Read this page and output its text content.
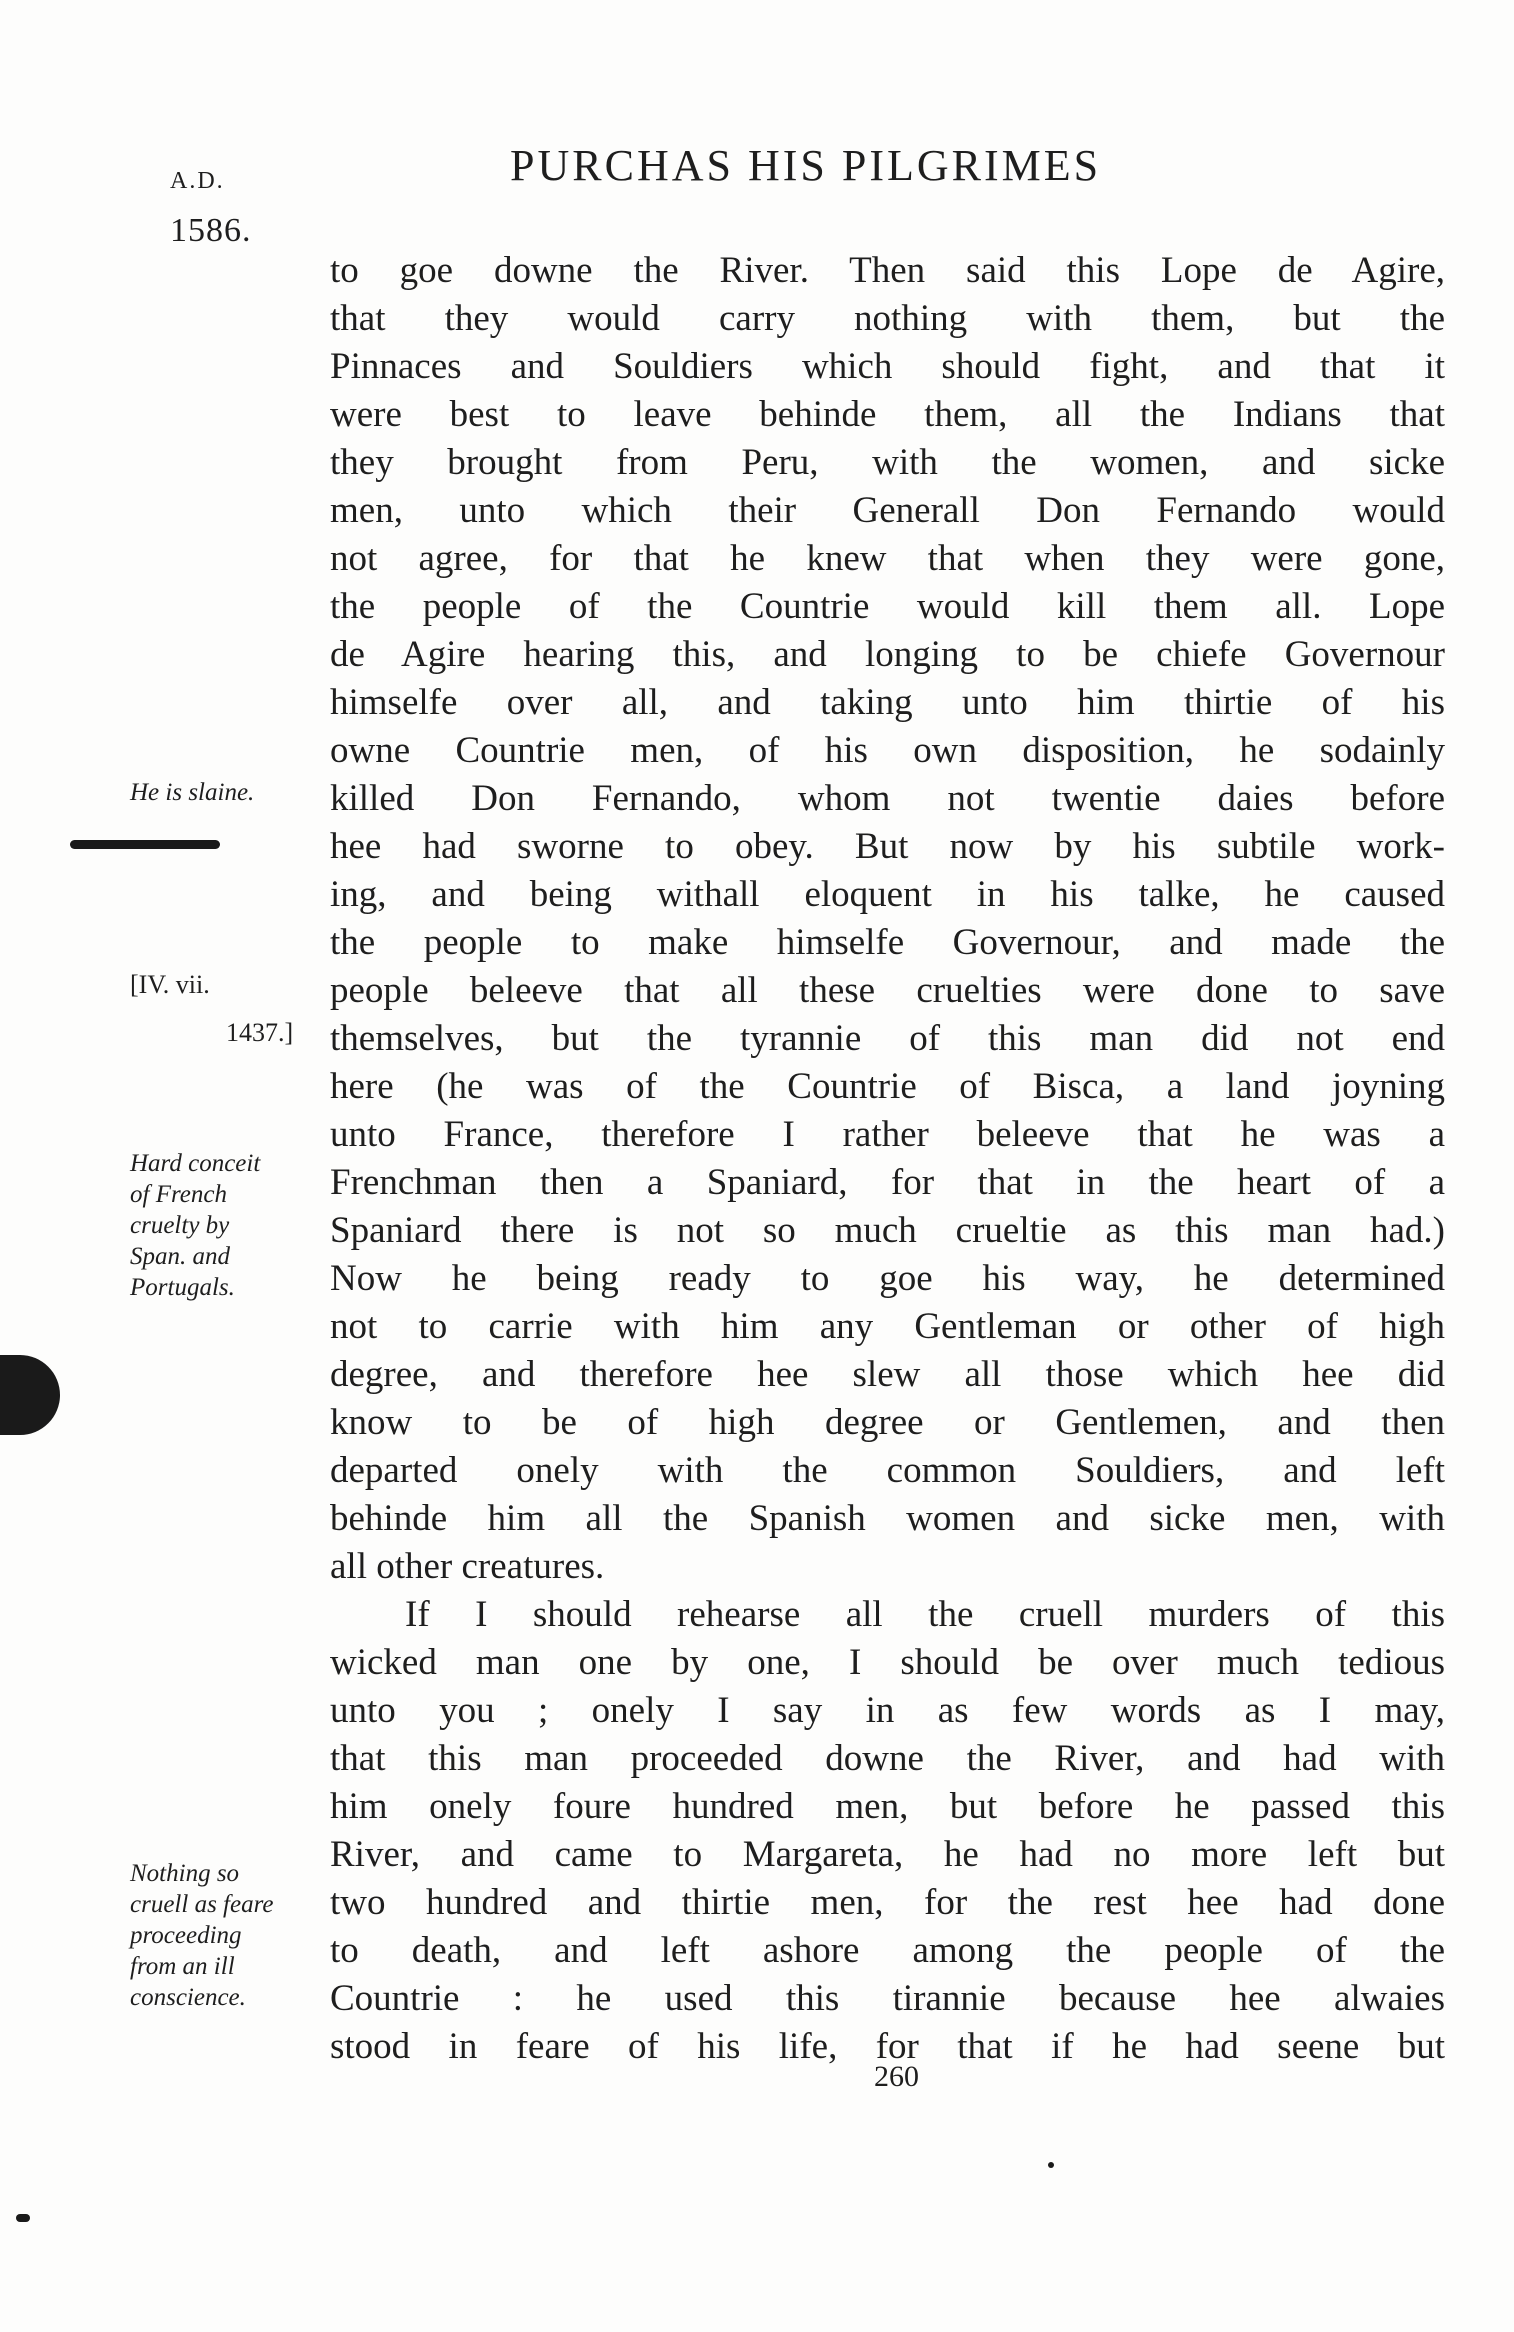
A.D.
1586.
PURCHAS HIS PILGRIMES
to goe downe the River. Then said this Lope de Agire,
that they would carry nothing with them, but the
Pinnaces and Souldiers which should fight, and that it
were best to leave behinde them, all the Indians that
they brought from Peru, with the women, and sicke
men, unto which their Generall Don Fernando would
not agree, for that he knew that when they were gone,
the people of the Countrie would kill them all. Lope
de Agire hearing this, and longing to be chiefe Governour
himselfe over all, and taking unto him thirtie of his
owne Countrie men, of his own disposition, he sodainly
killed Don Fernando, whom not twentie daies before
hee had sworne to obey. But now by his subtile work-
ing, and being withall eloquent in his talke, he caused
the people to make himselfe Governour, and made the
people beleeve that all these cruelties were done to save
themselves, but the tyrannie of this man did not end
here (he was of the Countrie of Bisca, a land joyning
unto France, therefore I rather beleeve that he was a
Frenchman then a Spaniard, for that in the heart of a
Spaniard there is not so much crueltie as this man had.)
Now he being ready to goe his way, he determined
not to carrie with him any Gentleman or other of high
degree, and therefore hee slew all those which hee did
know to be of high degree or Gentlemen, and then
departed onely with the common Souldiers, and left
behinde him all the Spanish women and sicke men, with
all other creatures.
If I should rehearse all the cruell murders of this
wicked man one by one, I should be over much tedious
unto you ; onely I say in as few words as I may,
that this man proceeded downe the River, and had with
him onely foure hundred men, but before he passed this
River, and came to Margareta, he had no more left but
two hundred and thirtie men, for the rest hee had done
to death, and left ashore among the people of the
Countrie : he used this tirannie because hee alwaies
stood in feare of his life, for that if he had seene but
He is slaine.
[IV. vii.
1437.]
Hard conceit
of French
cruelty by
Span. and
Portugals.
Nothing so
cruell as feare
proceeding
from an ill
conscience.
260
